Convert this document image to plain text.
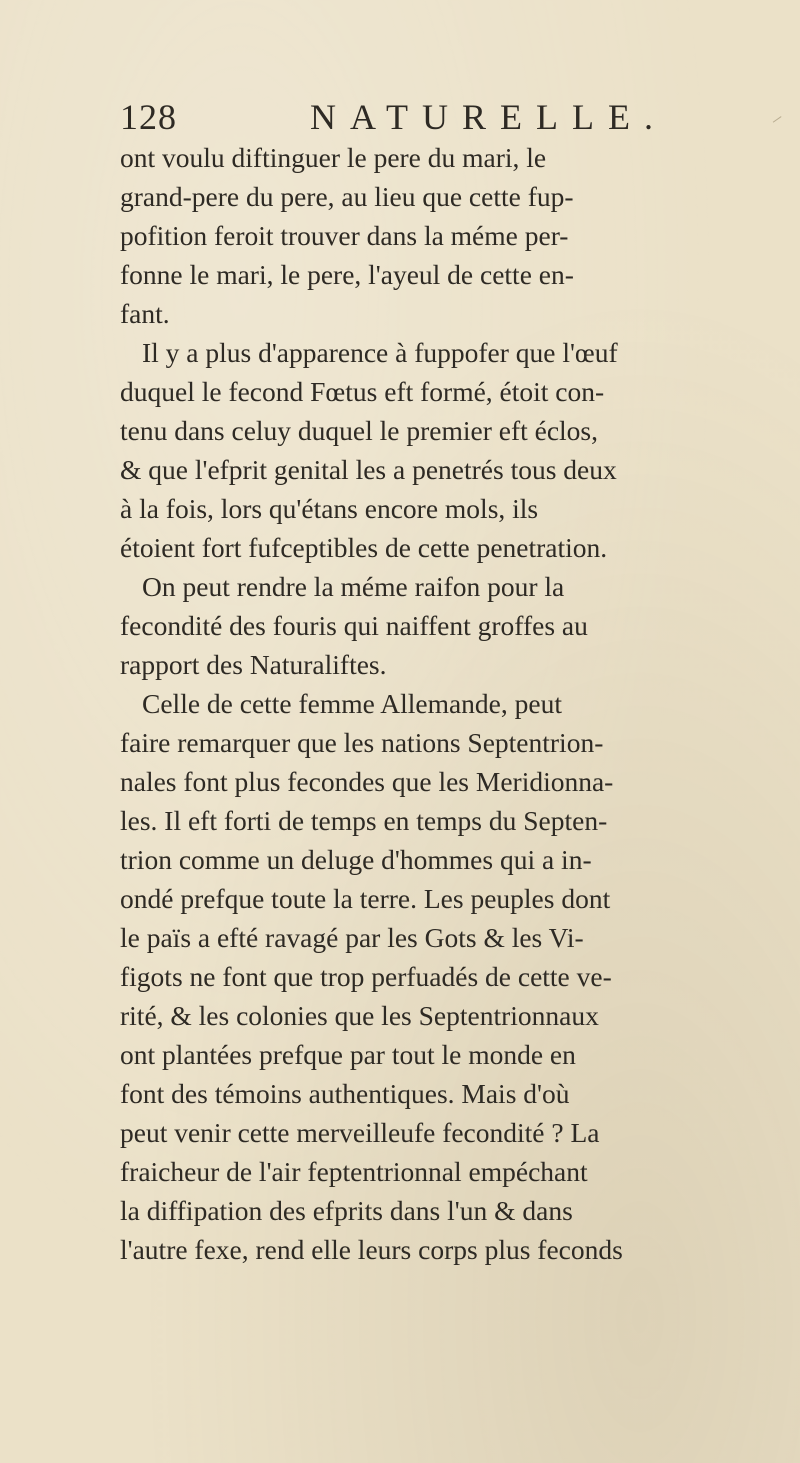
128	NATURELLE.
ont voulu diftinguer le pere du mari, le
grand-pere du pere, au lieu que cette fup-
pofition feroit trouver dans la méme per-
fonne le mari, le pere, l'ayeul de cette en-
fant.
Il y a plus d'apparence à fuppofer que l'œuf
duquel le fecond Fœtus eft formé, étoit con-
tenu dans celuy duquel le premier eft éclos,
& que l'efprit genital les a penetrés tous deux
à la fois, lors qu'étans encore mols, ils
étoient fort fufceptibles de cette penetration.
On peut rendre la méme raifon pour la
fecondité des fouris qui naiffent groffes au
rapport des Naturaliftes.
Celle de cette femme Allemande, peut
faire remarquer que les nations Septentrion-
nales font plus fecondes que les Meridionna-
les. Il eft forti de temps en temps du Septen-
trion comme un deluge d'hommes qui a in-
ondé prefque toute la terre. Les peuples dont
le païs a efté ravagé par les Gots & les Vi-
figots ne font que trop perfuadés de cette ve-
rité, & les colonies que les Septentrionnaux
ont plantées prefque par tout le monde en
font des témoins authentiques. Mais d'où
peut venir cette merveilleufe fecondité ? La
fraicheur de l'air feptentrionnal empéchant
la diffipation des efprits dans l'un & dans
l'autre fexe, rend elle leurs corps plus feconds
